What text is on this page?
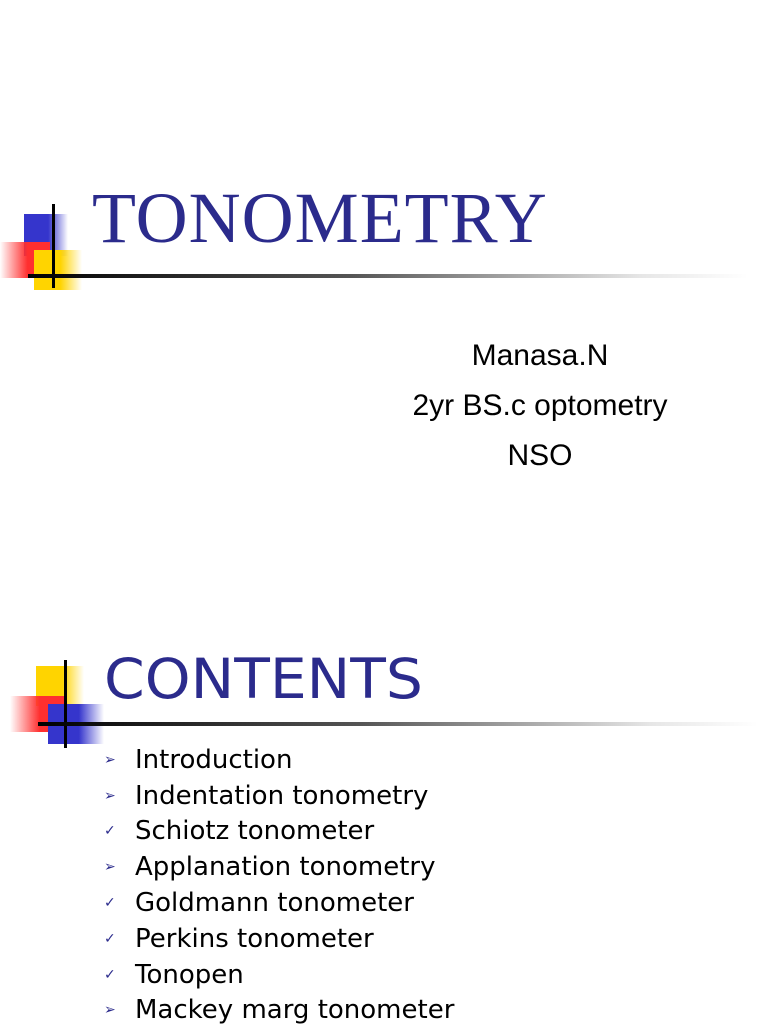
TONOMETRY
Manasa.N
2yr BS.c optometry
NSO
CONTENTS
➢ Introduction
➢ Indentation tonometry
✓ Schiotz tonometer
➢ Applanation tonometry
✓ Goldmann tonometer
✓ Perkins tonometer
✓ Tonopen
➢ Mackey marg tonometer
